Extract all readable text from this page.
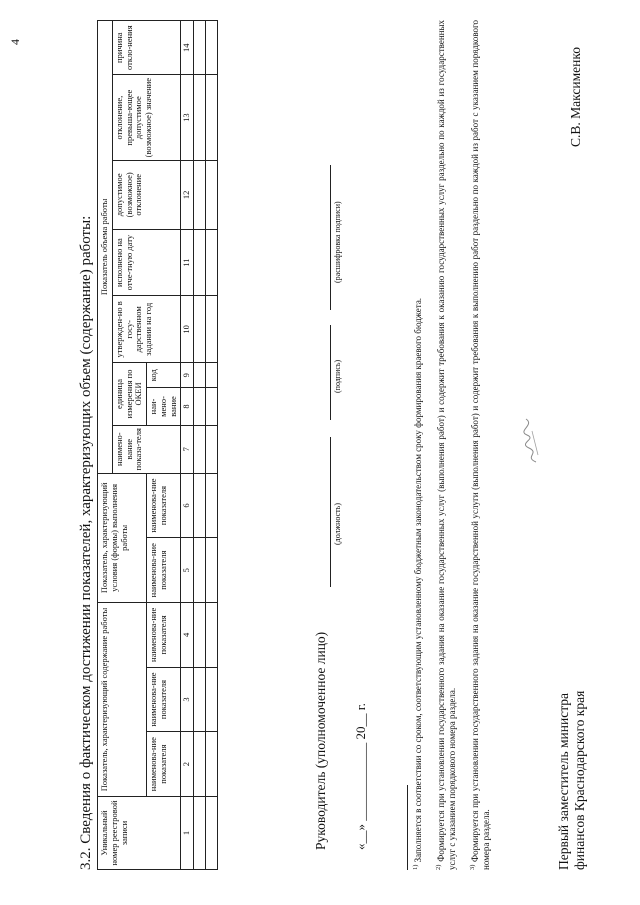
4
3.2. Сведения о фактическом достижении показателей, характеризующих объем (содержание) работы: Уникальный номер реестровой записи	Показатель, характеризующий содержание работы			Показатель, характеризующий условия (формы) выполнения работы		Показатель объема работы							
						наимено-вание показа-теля	единица измерения по ОКЕИ		утвержден-но в госу-дарственном задании на год	исполнено на отче-тную дату	допустимое (возможное) отклонение	отклонение, превыша-ющее допустимое (возможное) значение	причина откло-нения
							наи-мено-вание	код					
	наименова-ние показателя	наименова-ние показателя	наименова-ние показателя	наименова-ние показателя	наименова-ние показателя								
1	2	3	4	5	6	7	8	9	10	11	12	13	14

Руководитель (уполномоченное лицо)
(должность)
(подпись)
(расшифровка подписи)
«__» ____________ 20__ г.
$^{1)}$ Заполняется в соответствии со сроком, соответствующим установленному бюджетным законодательством сроку формирования краевого бюджета.
$^{2)}$ Формируется при установлении государственного задания на оказание государственных услуг (выполнения работ) и содержит требования к оказанию государственных услуг раздельно по каждой из государственных услуг с указанием порядкового номера раздела. $^{3)}$ Формируется при установлении государственного задания на оказание государственной услуги (выполнения работ) и содержит требования к выполнению работ раздельно по каждой из работ с указанием порядкового номера раздела.	Первый заместитель министра финансов Краснодарского края
С.В. Максименко
